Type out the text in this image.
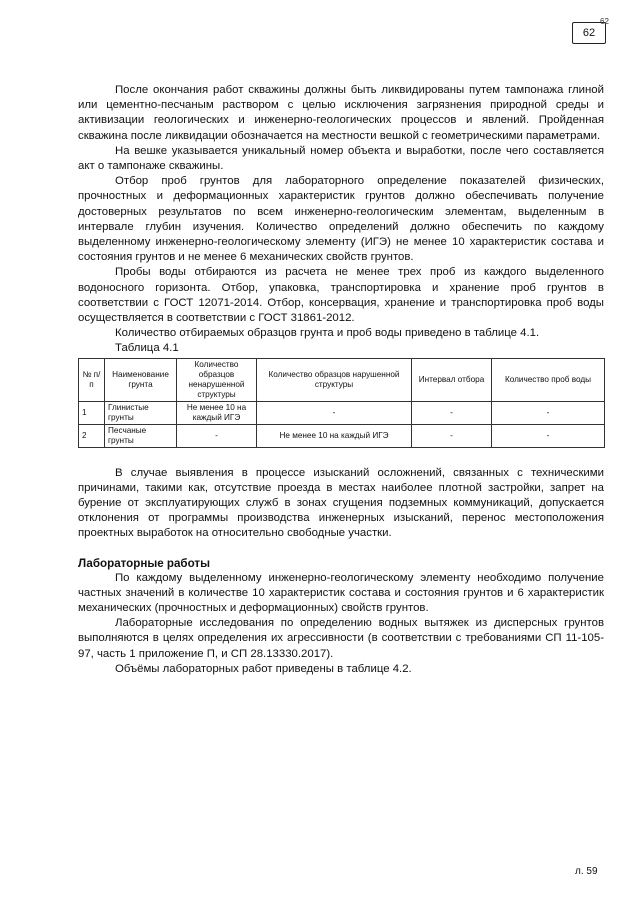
62
62

После окончания работ скважины должны быть ликвидированы путем тампонажа глиной или цементно-песчаным раствором с целью исключения загрязнения природной среды и активизации геологических и инженерно-геологических процессов и явлений. Пройденная скважина после ликвидации обозначается на местности вешкой с геометрическими параметрами.

На вешке указывается уникальный номер объекта и выработки, после чего составляется акт о тампонаже скважины.

Отбор проб грунтов для лабораторного определение показателей физических, прочностных и деформационных характеристик грунтов должно обеспечивать получение достоверных результатов по всем инженерно-геологическим элементам, выделенным в интервале глубин изучения. Количество определений должно обеспечить по каждому выделенному инженерно-геологическому элементу (ИГЭ) не менее 10 характеристик состава и состояния грунтов и не менее 6 механических свойств грунтов.

Пробы воды отбираются из расчета не менее трех проб из каждого выделенного водоносного горизонта. Отбор, упаковка, транспортировка и хранение проб грунтов в соответствии с ГОСТ 12071-2014. Отбор, консервация, хранение и транспортировка проб воды осуществляется в соответствии с ГОСТ 31861-2012.

Количество отбираемых образцов грунта и проб воды приведено в таблице 4.1.

Таблица 4.1

№ п/п	Наименование грунта	Количество образцов ненарушенной структуры	Количество образцов нарушенной структуры	Интервал отбора	Количество проб воды
1	Глинистые грунты	Не менее 10 на каждый ИГЭ	-	-	-
2	Песчаные грунты	-	Не менее 10 на каждый ИГЭ	-	-

В случае выявления в процессе изысканий осложнений, связанных с техническими причинами, такими как, отсутствие проезда в местах наиболее плотной застройки, запрет на бурение от эксплуатирующих служб в зонах сгущения подземных коммуникаций, допускается отклонения от программы производства инженерных изысканий, перенос местоположения проектных выработок на относительно свободные участки.

Лабораторные работы

По каждому выделенному инженерно-геологическому элементу необходимо получение частных значений в количестве 10 характеристик состава и состояния грунтов и 6 характеристик механических (прочностных и деформационных) свойств грунтов.

Лабораторные исследования по определению водных вытяжек из дисперсных грунтов выполняются в целях определения их агрессивности (в соответствии с требованиями СП 11-105-97, часть 1 приложение П, и СП 28.13330.2017).

Объёмы лабораторных работ приведены в таблице 4.2.

л. 59
